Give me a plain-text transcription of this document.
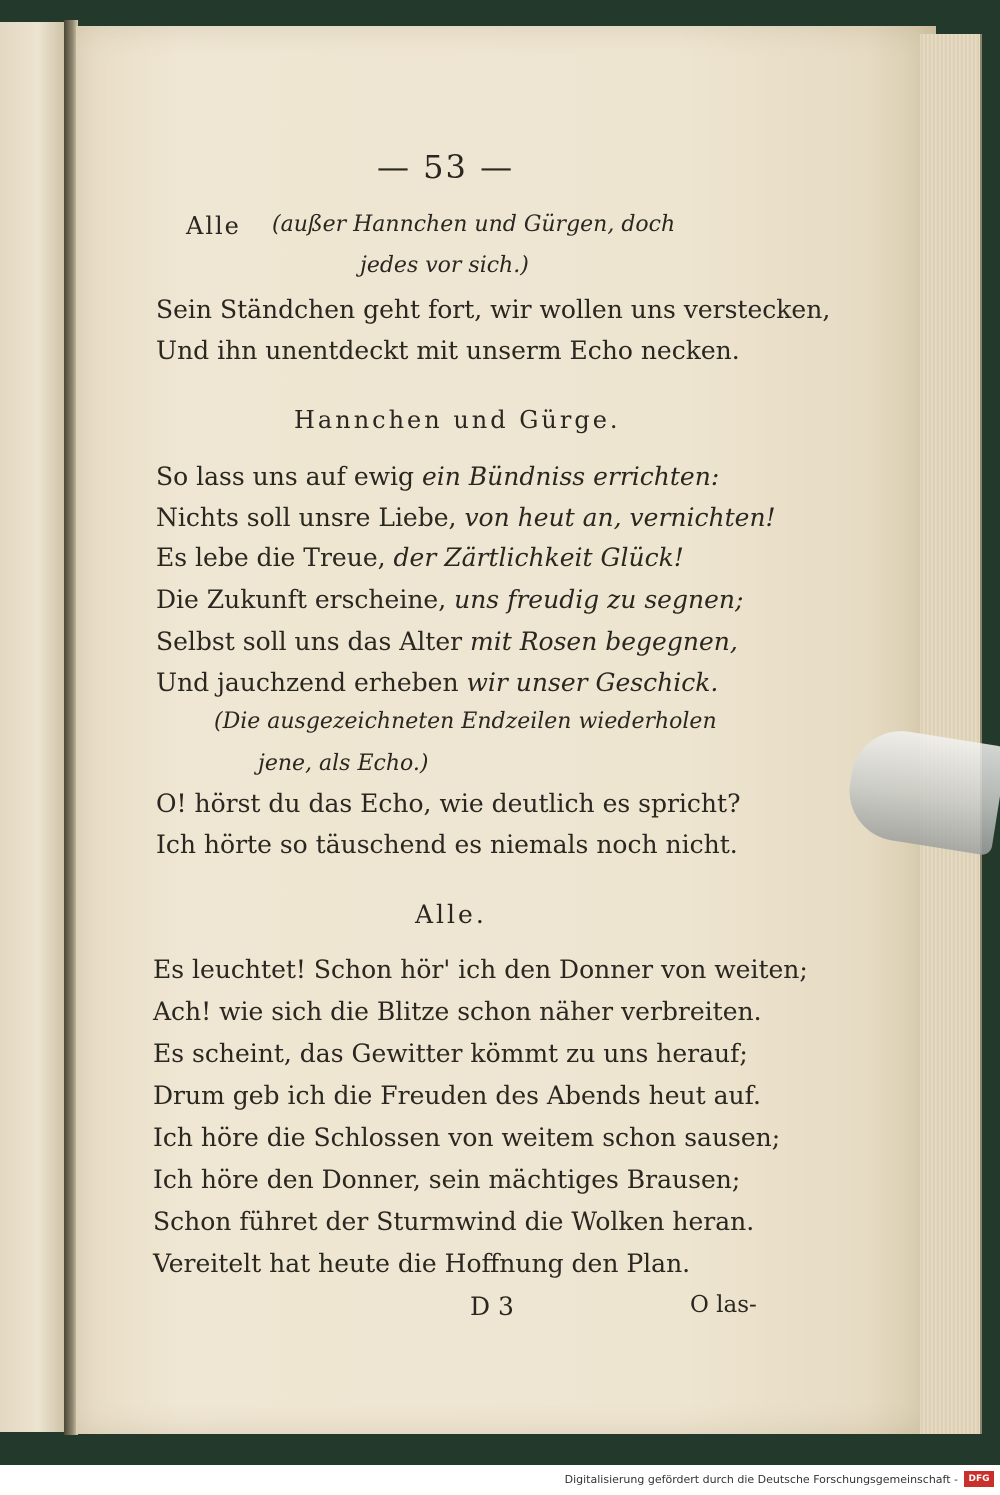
— 53 —
Alle (außer Hannchen und Gürgen, doch
jedes vor sich.)
Sein Ständchen geht fort, wir wollen uns verstecken,
Und ihn unentdeckt mit unserm Echo necken.
Hannchen und Gürge.
So lass uns auf ewig ein Bündniss errichten:
Nichts soll unsre Liebe, von heut an, vernichten!
Es lebe die Treue, der Zärtlichkeit Glück!
Die Zukunft erscheine, uns freudig zu segnen;
Selbst soll uns das Alter mit Rosen begegnen,
Und jauchzend erheben wir unser Geschick.
(Die ausgezeichneten Endzeilen wiederholen
jene, als Echo.)
O! hörst du das Echo, wie deutlich es spricht?
Ich hörte so täuschend es niemals noch nicht.
Alle.
Es leuchtet! Schon hör' ich den Donner von weiten;
Ach! wie sich die Blitze schon näher verbreiten.
Es scheint, das Gewitter kömmt zu uns herauf;
Drum geb ich die Freuden des Abends heut auf.
Ich höre die Schlossen von weitem schon sausen;
Ich höre den Donner, sein mächtiges Brausen;
Schon führet der Sturmwind die Wolken heran.
Vereitelt hat heute die Hoffnung den Plan.
D 3	O las-
Digitalisierung gefördert durch die Deutsche Forschungsgemeinschaft -	DFG
